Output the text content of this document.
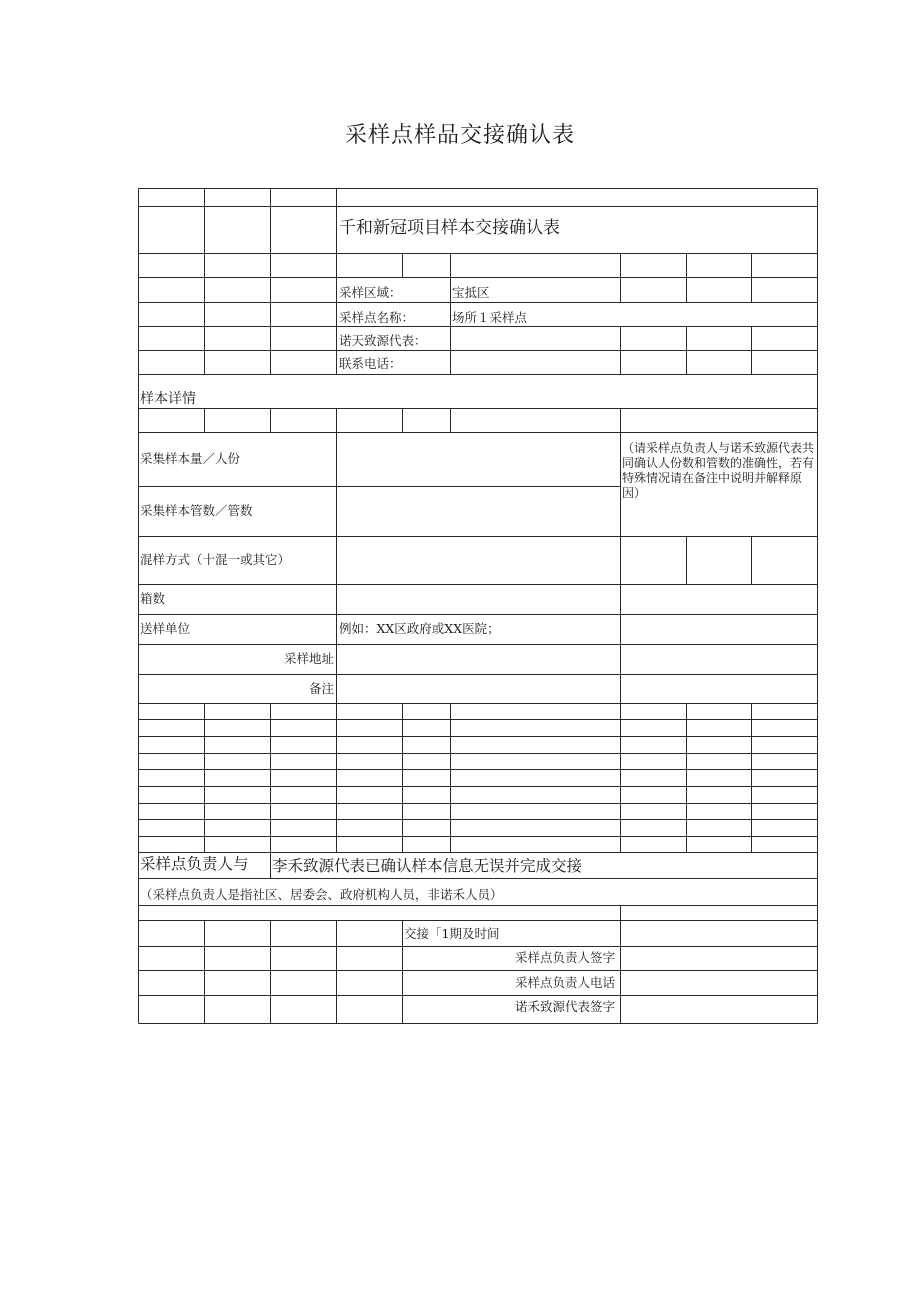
采样点样品交接确认表
千和新冠项目样本交接确认表
采样区域：	宝抵区
采样点名称：	场所１采样点
诺天致源代表：
联系电话：
样本详情
采集样本量／人份
（请采样点负责人与诺禾致源代表共同确认人份数和管数的准确性，若有特殊情况请在备注中说明并解释原因）
采集样本管数／管数
混样方式（十混一或其它）
箱数
送样单位	例如：XX区政府或XX医院；
采样地址
备注
采样点负责人与 李禾致源代表已确认样本信息无误并完成交接
（采样点负责人是指社区、居委会、政府机构人员，非诺禾人员）
交接「1期及时间
采样点负责人签字
采样点负责人电话
诺禾致源代表签字
